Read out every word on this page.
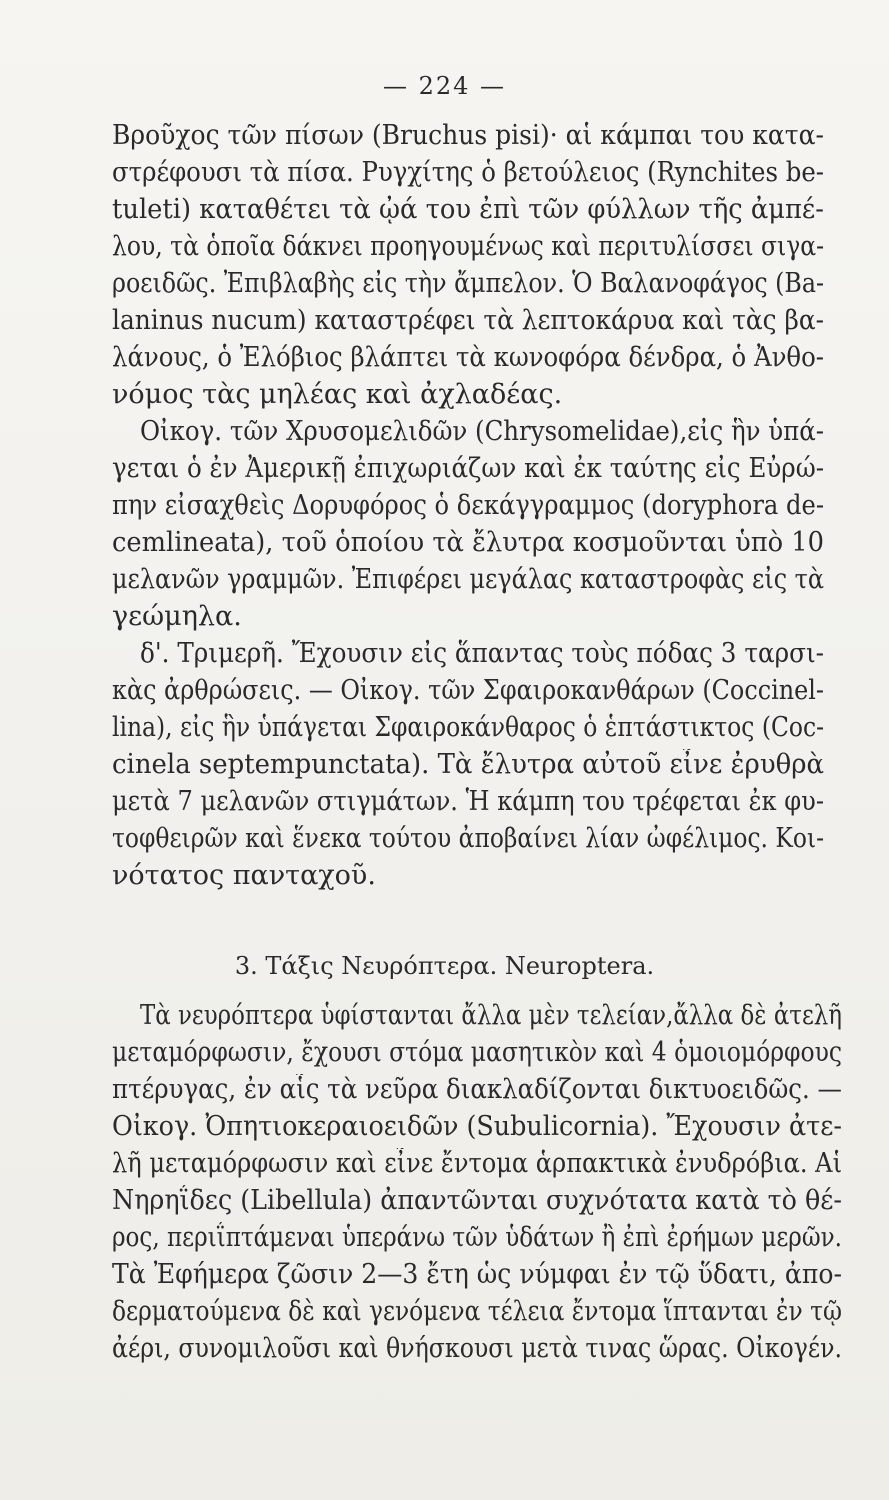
— 224 —
Βροῦχος τῶν πίσων (Bruchus pisi)· αἱ κάμπαι του κατα-
στρέφουσι τὰ πίσα. Ρυγχίτης ὁ βετούλειος (Rynchites be-
tuleti) καταθέτει τὰ ᾠά του ἐπὶ τῶν φύλλων τῆς ἀμπέ-
λου, τὰ ὁποῖα δάκνει προηγουμένως καὶ περιτυλίσσει σιγα-
ροειδῶς. Ἐπιβλαβὴς εἰς τὴν ἄμπελον. Ὁ Βαλανοφάγος (Ba-
laninus nucum) καταστρέφει τὰ λεπτοκάρυα καὶ τὰς βα-
λάνους, ὁ Ἐλόβιος βλάπτει τὰ κωνοφόρα δένδρα, ὁ Ἀνθο-
νόμος τὰς μηλέας καὶ ἀχλαδέας.
Οἰκογ. τῶν Χρυσομελιδῶν (Chrysomelidae),εἰς ἣν ὑπά-
γεται ὁ ἐν Ἀμερικῇ ἐπιχωριάζων καὶ ἐκ ταύτης εἰς Εὐρώ-
πην εἰσαχθεὶς Δορυφόρος ὁ δεκάγγραμμος (doryphora de-
cemlineata), τοῦ ὁποίου τὰ ἔλυτρα κοσμοῦνται ὑπὸ 10
μελανῶν γραμμῶν. Ἐπιφέρει μεγάλας καταστροφὰς εἰς τὰ
γεώμηλα.
δ'. Τριμερῆ. Ἔχουσιν εἰς ἅπαντας τοὺς πόδας 3 ταρσι-
κὰς ἀρθρώσεις. — Οἰκογ. τῶν Σφαιροκανθάρων (Coccinel-
lina), εἰς ἣν ὑπάγεται Σφαιροκάνθαρος ὁ ἑπτάστικτος (Coc-
cinela septempunctata). Τὰ ἔλυτρα αὐτοῦ εἶνε ἐρυθρὰ
μετὰ 7 μελανῶν στιγμάτων. Ἡ κάμπη του τρέφεται ἐκ φυ-
τοφθειρῶν καὶ ἕνεκα τούτου ἀποβαίνει λίαν ὠφέλιμος. Κοι-
νότατος πανταχοῦ.
3. Τάξις Νευρόπτερα. Neuroptera.
Τὰ νευρόπτερα ὑφίστανται ἄλλα μὲν τελείαν,ἄλλα δὲ ἀτελῆ
μεταμόρφωσιν, ἔχουσι στόμα μασητικὸν καὶ 4 ὁμοιομόρφους
πτέρυγας, ἐν αἷς τὰ νεῦρα διακλαδίζονται δικτυοειδῶς. —
Οἰκογ. Ὀπητιοκεραιοειδῶν (Subulicornia). Ἔχουσιν ἀτε-
λῆ μεταμόρφωσιν καὶ εἶνε ἔντομα ἁρπακτικὰ ἐνυδρόβια. Αἱ
Νηρηΐδες (Libellula) ἀπαντῶνται συχνότατα κατὰ τὸ θέ-
ρος, περιΐπτάμεναι ὑπεράνω τῶν ὑδάτων ἢ ἐπὶ ἐρήμων μερῶν.
Τὰ Ἐφήμερα ζῶσιν 2—3 ἔτη ὡς νύμφαι ἐν τῷ ὕδατι, ἀπο-
δερματούμενα δὲ καὶ γενόμενα τέλεια ἔντομα ἵπτανται ἐν τῷ
ἀέρι, συνομιλοῦσι καὶ θνήσκουσι μετὰ τινας ὥρας. Οἰκογέν.
